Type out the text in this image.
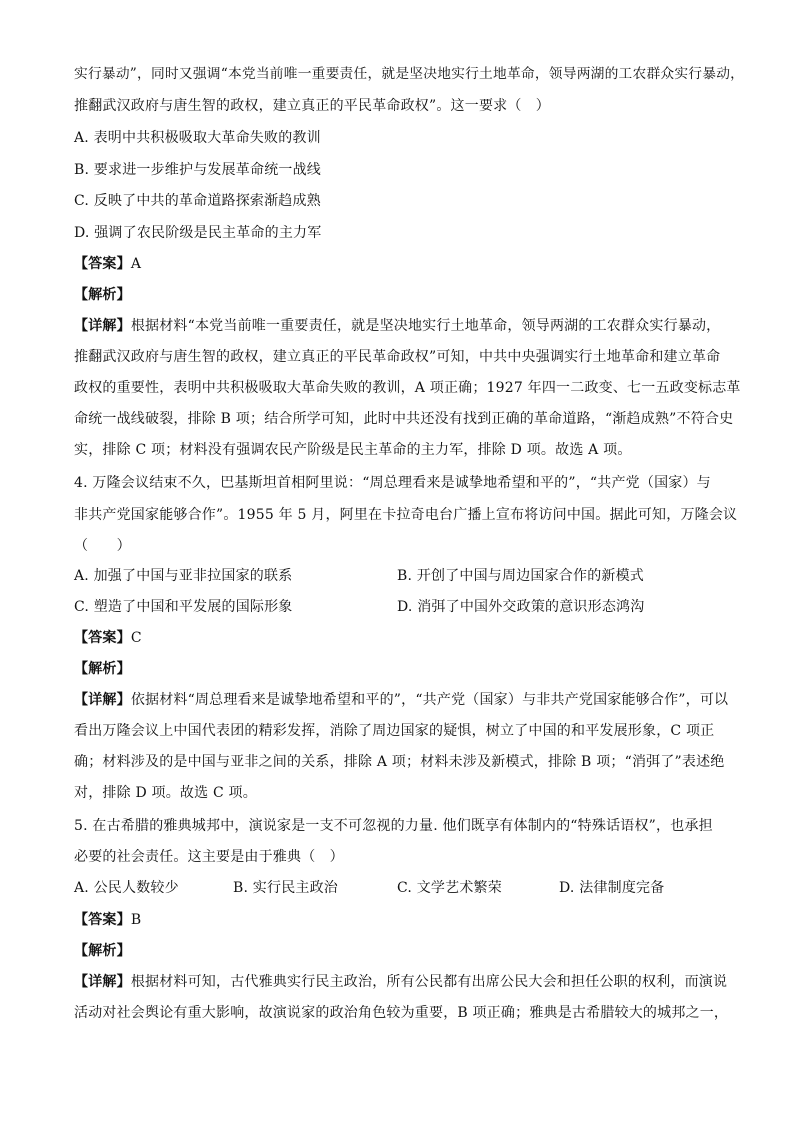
实行暴动”，同时又强调“本党当前唯一重要责任，就是坚决地实行土地革命，领导两湖的工农群众实行暴动，
推翻武汉政府与唐生智的政权，建立真正的平民革命政权”。这一要求（　）
A. 表明中共积极吸取大革命失败的教训
B. 要求进一步维护与发展革命统一战线
C. 反映了中共的革命道路探索渐趋成熟
D. 强调了农民阶级是民主革命的主力军
【答案】A
【解析】
【详解】根据材料“本党当前唯一重要责任，就是坚决地实行土地革命，领导两湖的工农群众实行暴动，
推翻武汉政府与唐生智的政权，建立真正的平民革命政权”可知，中共中央强调实行土地革命和建立革命
政权的重要性，表明中共积极吸取大革命失败的教训，A 项正确；1927 年四一二政变、七一五政变标志革
命统一战线破裂，排除 B 项；结合所学可知，此时中共还没有找到正确的革命道路，“渐趋成熟”不符合史
实，排除 C 项；材料没有强调农民产阶级是民主革命的主力军，排除 D 项。故选 A 项。
4. 万隆会议结束不久，巴基斯坦首相阿里说：“周总理看来是诚挚地希望和平的”，“共产党（国家）与
非共产党国家能够合作”。1955 年 5 月，阿里在卡拉奇电台广播上宣布将访问中国。据此可知，万隆会议
（　　）
A. 加强了中国与亚非拉国家的联系	B. 开创了中国与周边国家合作的新模式
C. 塑造了中国和平发展的国际形象	D. 消弭了中国外交政策的意识形态鸿沟
【答案】C
【解析】
【详解】依据材料“周总理看来是诚挚地希望和平的”，“共产党（国家）与非共产党国家能够合作”，可以
看出万隆会议上中国代表团的精彩发挥，消除了周边国家的疑惧，树立了中国的和平发展形象，C 项正
确；材料涉及的是中国与亚非之间的关系，排除 A 项；材料未涉及新模式，排除 B 项；“消弭了”表述绝
对，排除 D 项。故选 C 项。
5. 在古希腊的雅典城邦中，演说家是一支不可忽视的力量. 他们既享有体制内的“特殊话语权”，也承担
必要的社会责任。这主要是由于雅典（　）
A. 公民人数较少	B. 实行民主政治	C. 文学艺术繁荣	D. 法律制度完备
【答案】B
【解析】
【详解】根据材料可知，古代雅典实行民主政治，所有公民都有出席公民大会和担任公职的权利，而演说
活动对社会舆论有重大影响，故演说家的政治角色较为重要，B 项正确；雅典是古希腊较大的城邦之一，
